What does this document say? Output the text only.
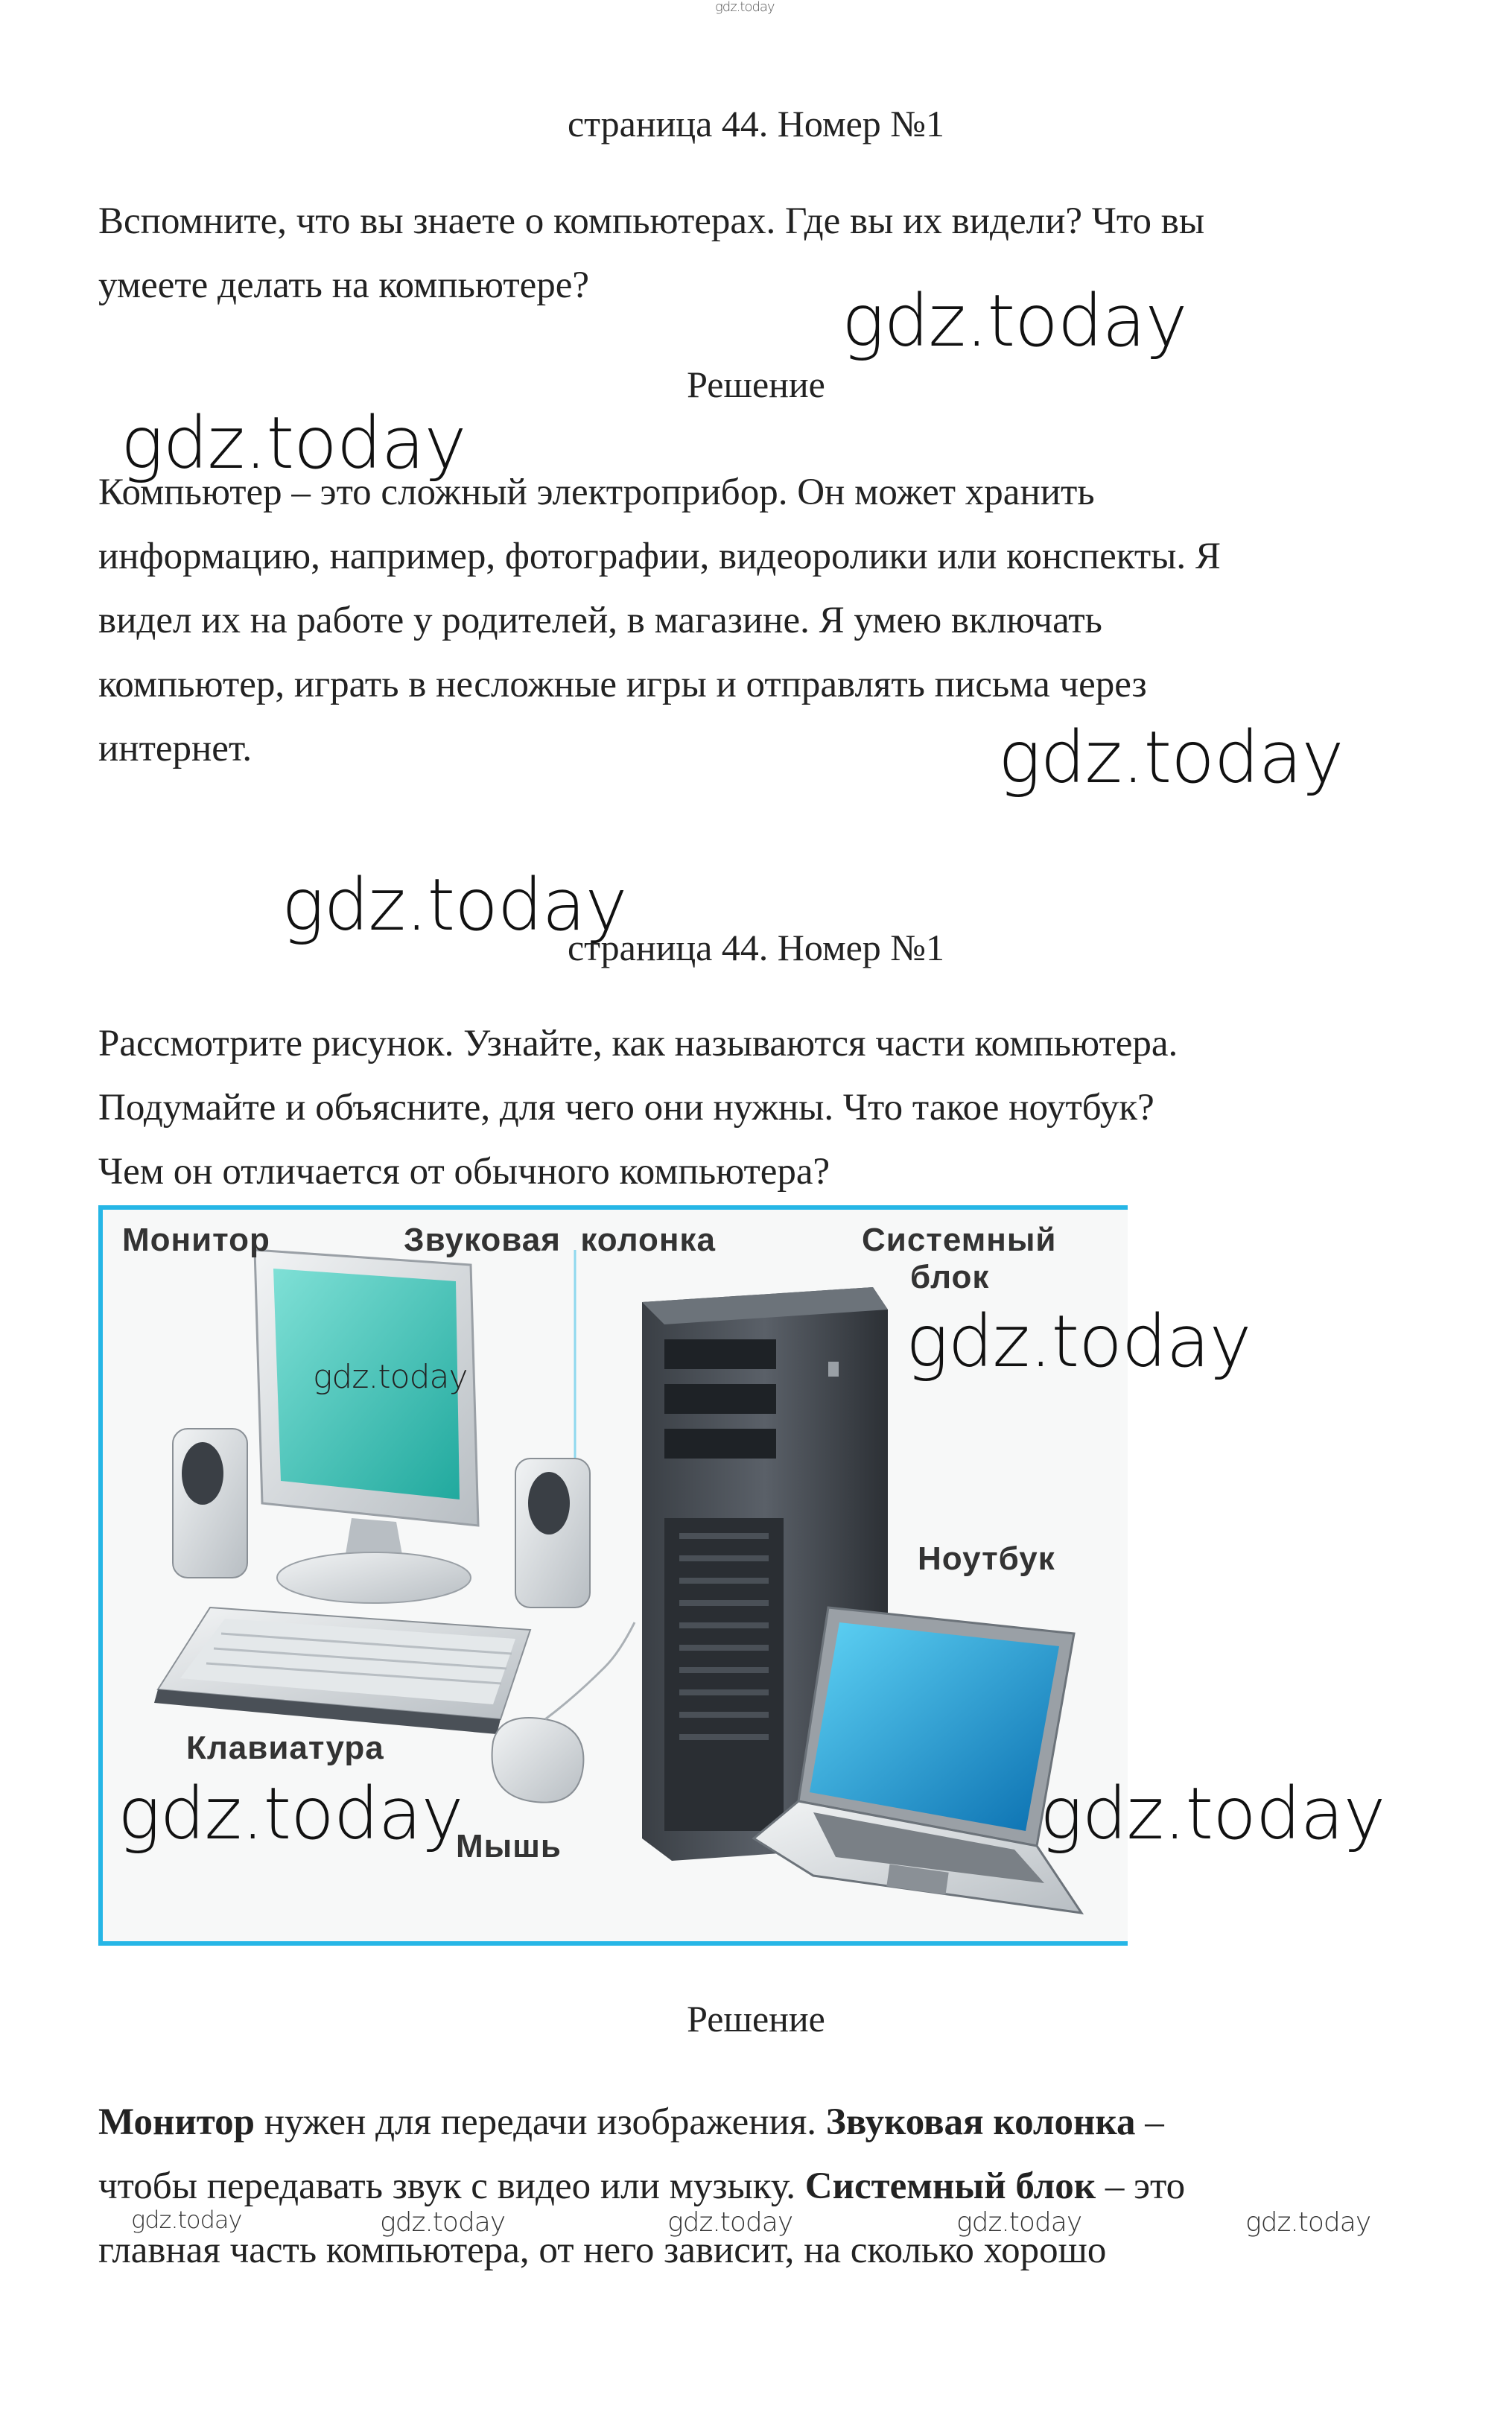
gdz.today
страница 44. Номер №1
Вспомните, что вы знаете о компьютерах. Где вы их видели? Что вы
умеете делать на компьютере?
Решение
Компьютер – это сложный электроприбор. Он может хранить
информацию, например, фотографии, видеоролики или конспекты. Я
видел их на работе у родителей, в магазине. Я умею включать
компьютер, играть в несложные игры и отправлять письма через
интернет.
страница 44. Номер №1
Рассмотрите рисунок. Узнайте, как называются части компьютера.
Подумайте и объясните, для чего они нужны. Что такое ноутбук?
Чем он отличается от обычного компьютера?
Монитор	Звуковая  колонка	Системный
блок
Ноутбук
Клавиатура
Мышь
gdz.today
Решение
Монитор нужен для передачи изображения. Звуковая колонка –
чтобы передавать звук с видео или музыку. Системный блок – это
главная часть компьютера, от него зависит, на сколько хорошо
gdz.today
gdz.today
gdz.today
gdz.today
gdz.today
gdz.today	gdz.today
gdz.today	gdz.today	gdz.today	gdz.today	gdz.today
